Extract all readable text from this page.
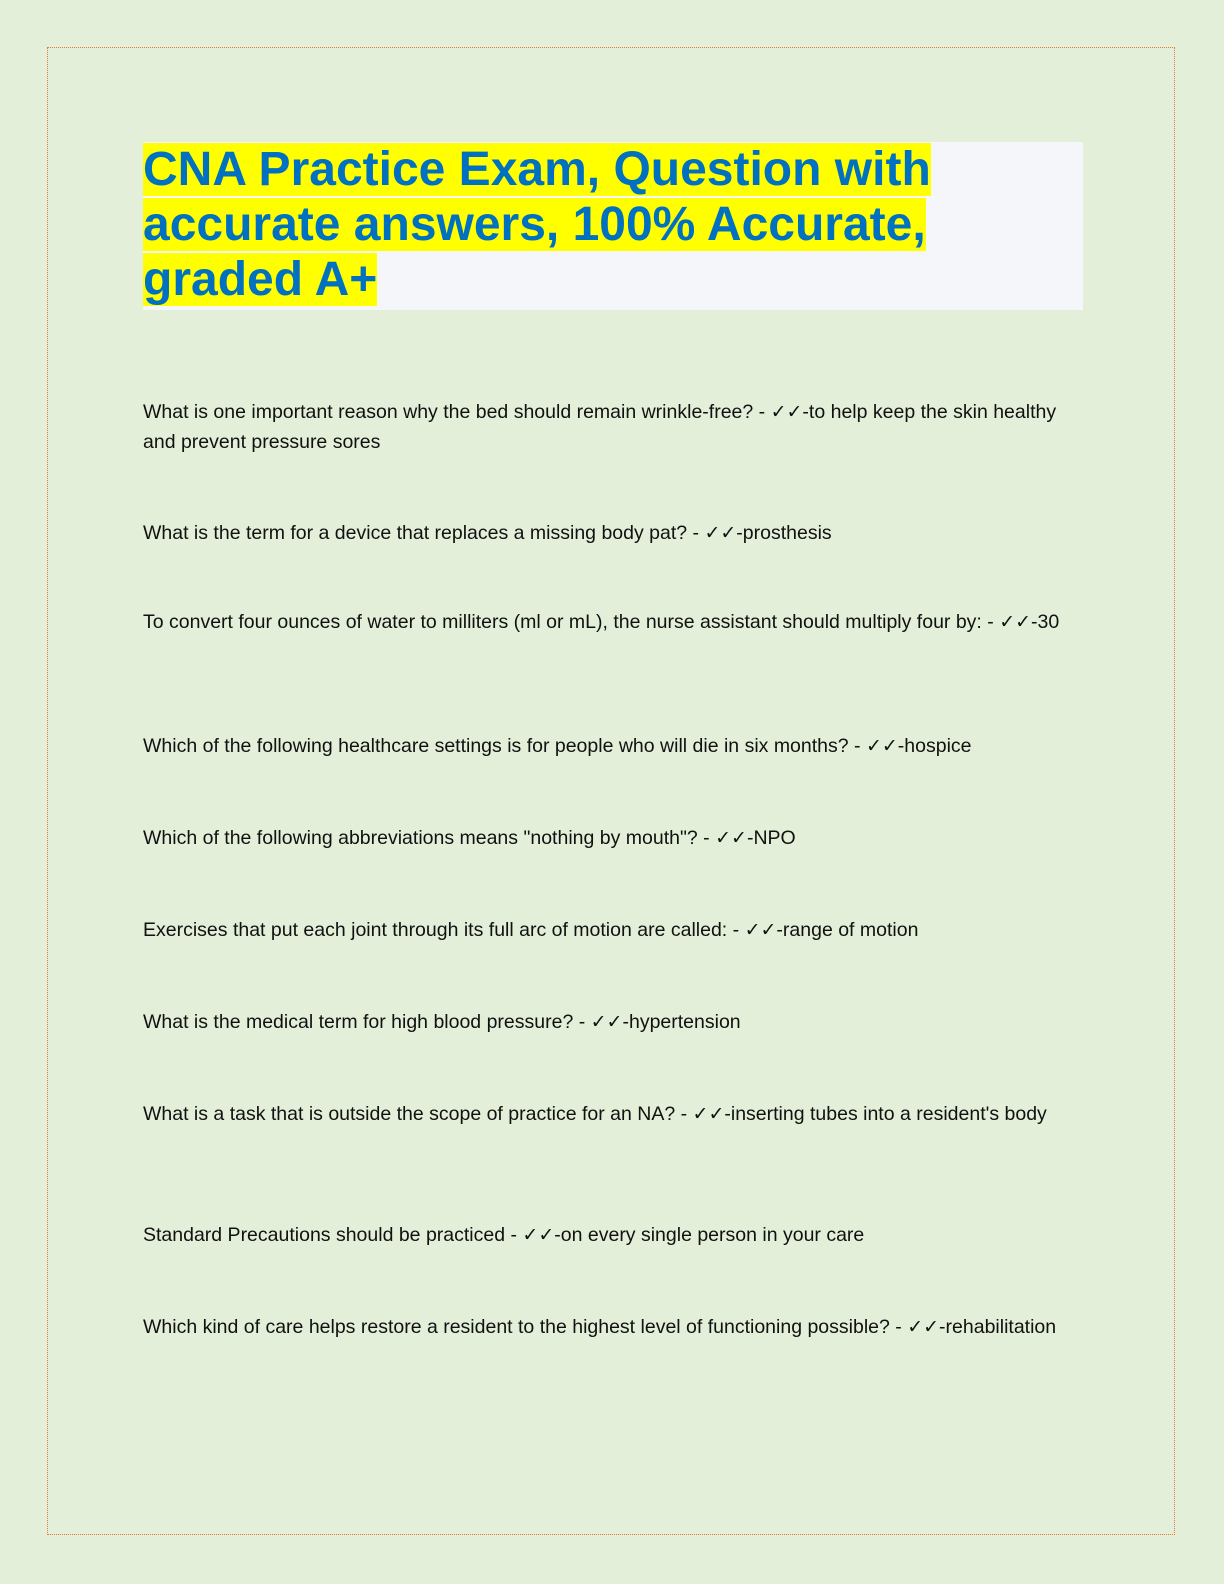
CNA Practice Exam, Question with accurate answers, 100% Accurate, graded A+

What is one important reason why the bed should remain wrinkle-free? - ✓✓-to help keep the skin healthy and prevent pressure sores

What is the term for a device that replaces a missing body pat? - ✓✓-prosthesis

To convert four ounces of water to milliters (ml or mL), the nurse assistant should multiply four by: - ✓✓-30

Which of the following healthcare settings is for people who will die in six months? - ✓✓-hospice

Which of the following abbreviations means "nothing by mouth"? - ✓✓-NPO

Exercises that put each joint through its full arc of motion are called: - ✓✓-range of motion

What is the medical term for high blood pressure? - ✓✓-hypertension

What is a task that is outside the scope of practice for an NA? - ✓✓-inserting tubes into a resident's body

Standard Precautions should be practiced - ✓✓-on every single person in your care

Which kind of care helps restore a resident to the highest level of functioning possible? - ✓✓-rehabilitation
